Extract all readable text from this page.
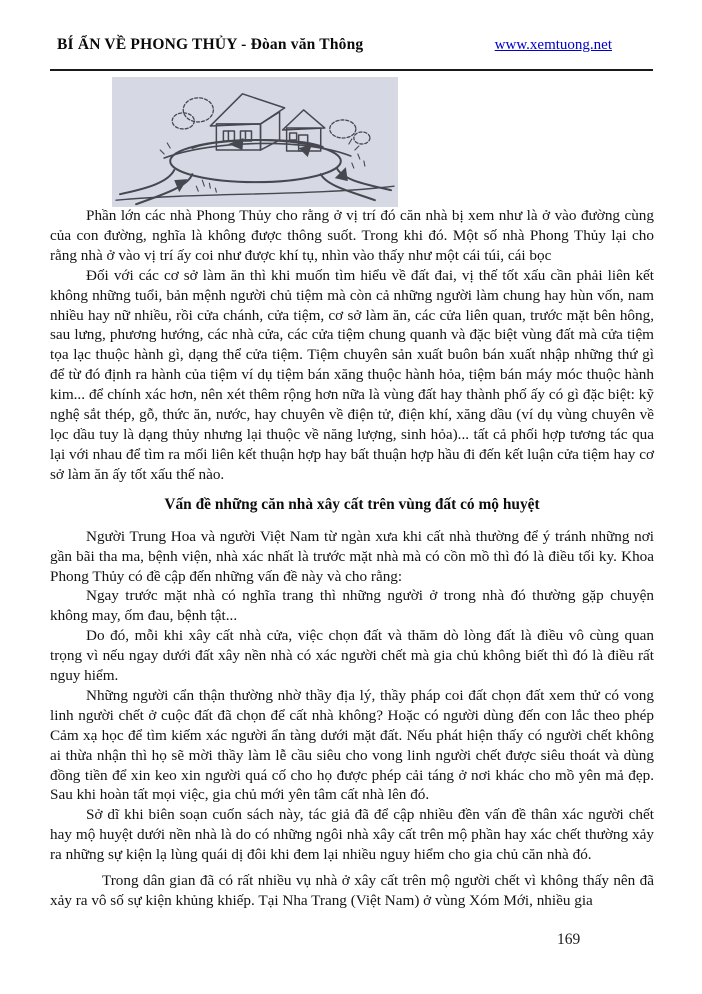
BÍ ẨN VỀ PHONG THỦY - Đòan văn Thông	www.xemtuong.net

Phần lớn các nhà Phong Thủy cho rằng ở vị trí đó căn nhà bị xem như là ở vào đường cùng của con đường, nghĩa là không được thông suốt. Trong khi đó. Một số nhà Phong Thủy lại cho rằng nhà ở vào vị trí ấy coi như được khí tụ, nhìn vào thấy như một cái túi, cái bọc

Đối với các cơ sở làm ăn thì khi muốn tìm hiểu về đất đai, vị thế tốt xấu cần phải liên kết không những tuổi, bản mệnh người chủ tiệm mà còn cả những người làm chung hay hùn vốn, nam nhiều hay nữ nhiều, rồi cửa chánh, cửa tiệm, cơ sở làm ăn, các cửa liên quan, trước mặt bên hông, sau lưng, phương hướng, các nhà cửa, các cửa tiệm chung quanh và đặc biệt vùng đất mà cửa tiệm tọa lạc thuộc hành gì, dạng thể cửa tiệm. Tiệm chuyên sản xuất buôn bán xuất nhập những thứ gì để từ đó định ra hành của tiệm ví dụ tiệm bán xăng thuộc hành hỏa, tiệm bán máy móc thuộc hành kim... để chính xác hơn, nên xét thêm rộng hơn nữa là vùng đất hay thành phố ấy có gì đặc biệt: kỹ nghệ sắt thép, gỗ, thức ăn, nước, hay chuyên về điện tử, điện khí, xăng dầu (ví dụ vùng chuyên về lọc dầu tuy là dạng thủy nhưng lại thuộc về năng lượng, sinh hỏa)... tất cả phối hợp tương tác qua lại với nhau để tìm ra mối liên kết thuận hợp hay bất thuận hợp hầu đi đến kết luận cửa tiệm hay cơ sở làm ăn ấy tốt xấu thế nào.

Vấn đề những căn nhà xây cất trên vùng đất có mộ huyệt

Người Trung Hoa và người Việt Nam từ ngàn xưa khi cất nhà thường để ý tránh những nơi gần bãi tha ma, bệnh viện, nhà xác nhất là trước mặt nhà mà có cồn mồ thì đó là điều tối ky. Khoa Phong Thủy có đề cập đến những vấn đề này và cho rằng:

Ngay trước mặt nhà có nghĩa trang thì những người ở trong nhà đó thường gặp chuyện không may, ốm đau, bệnh tật...

Do đó, mỗi khi xây cất nhà cửa, việc chọn đất và thăm dò lòng đất là điều vô cùng quan trọng vì nếu ngay dưới đất xây nền nhà có xác người chết mà gia chủ không biết thì đó là điều rất nguy hiểm.

Những người cẩn thận thường nhờ thầy địa lý, thầy pháp coi đất chọn đất xem thử có vong linh người chết ở cuộc đất đã chọn để cất nhà không? Hoặc có người dùng đến con lắc theo phép Cảm xạ học để tìm kiếm xác người ẩn tàng dưới mặt đất. Nếu phát hiện thấy có người chết không ai thừa nhận thì họ sẽ mời thầy làm lễ cầu siêu cho vong linh người chết được siêu thoát và dùng đồng tiền để xin keo xin người quá cố cho họ được phép cải táng ở nơi khác cho mồ yên mả đẹp. Sau khi hoàn tất mọi việc, gia chủ mới yên tâm cất nhà lên đó.

Sở dĩ khi biên soạn cuốn sách này, tác giả đã để cập nhiều đền vấn đề thân xác người chết hay mộ huyệt dưới nền nhà là do có những ngôi nhà xây cất trên mộ phần hay xác chết thường xảy ra những sự kiện lạ lùng quái dị đôi khi đem lại nhiều nguy hiểm cho gia chủ căn nhà đó.

Trong dân gian đã có rất nhiều vụ nhà ở xây cất trên mộ người chết vì không thấy nên đã xảy ra vô số sự kiện khủng khiếp. Tại Nha Trang (Việt Nam) ở vùng Xóm Mới, nhiều gia

169
